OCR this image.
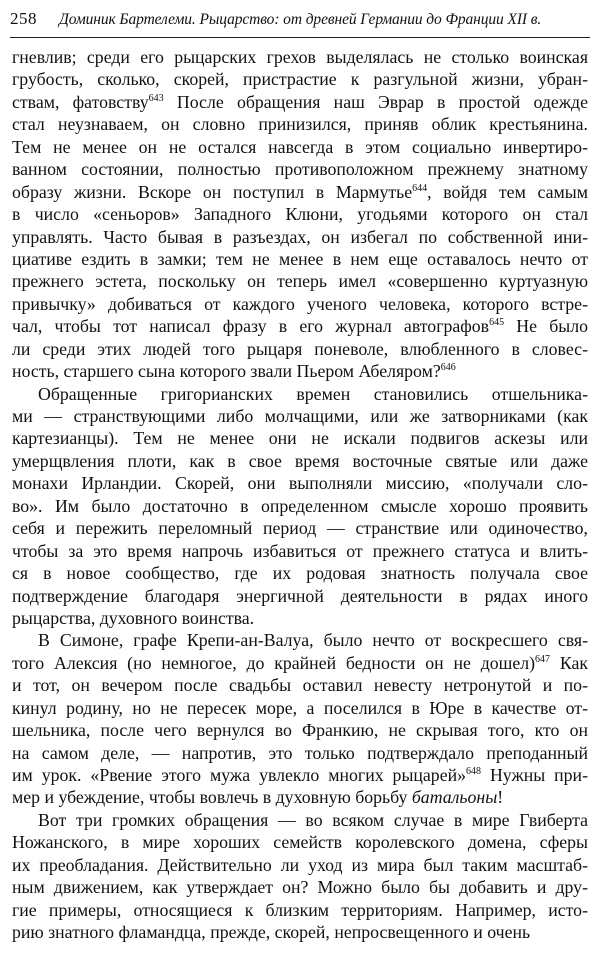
258 Доминик Бартелеми. Рыцарство: от древней Германии до Франции XII в.
гневлив; среди его рыцарских грехов выделялась не столько воинская
грубость, сколько, скорей, пристрастие к разгульной жизни, убран-
ствам, фатовству$^{643}$ После обращения наш Эврар в простой одежде
стал неузнаваем, он словно принизился, приняв облик крестьянина.
Тем не менее он не остался навсегда в этом социально инвертиро-
ванном состоянии, полностью противоположном прежнему знатному
образу жизни. Вскоре он поступил в Мармутье$^{644}$, войдя тем самым
в число «сеньоров» Западного Клюни, угодьями которого он стал
управлять. Часто бывая в разъездах, он избегал по собственной ини-
циативе ездить в замки; тем не менее в нем еще оставалось нечто от
прежнего эстета, поскольку он теперь имел «совершенно куртуазную
привычку» добиваться от каждого ученого человека, которого встре-
чал, чтобы тот написал фразу в его журнал автографов$^{645}$ Не было
ли среди этих людей того рыцаря поневоле, влюбленного в словес-
ность, старшего сына которого звали Пьером Абеляром?$^{646}$
Обращенные григорианских времен становились отшельника-
ми — странствующими либо молчащими, или же затворниками (как
картезианцы). Тем не менее они не искали подвигов аскезы или
умерщвления плоти, как в свое время восточные святые или даже
монахи Ирландии. Скорей, они выполняли миссию, «получали сло-
во». Им было достаточно в определенном смысле хорошо проявить
себя и пережить переломный период — странствие или одиночество,
чтобы за это время напрочь избавиться от прежнего статуса и влить-
ся в новое сообщество, где их родовая знатность получала свое
подтверждение благодаря энергичной деятельности в рядах иного
рыцарства, духовного воинства.
В Симоне, графе Крепи-ан-Валуа, было нечто от воскресшего свя-
того Алексия (но немногое, до крайней бедности он не дошел)$^{647}$ Как
и тот, он вечером после свадьбы оставил невесту нетронутой и по-
кинул родину, но не пересек море, а поселился в Юре в качестве от-
шельника, после чего вернулся во Франкию, не скрывая того, кто он
на самом деле, — напротив, это только подтверждало преподанный
им урок. «Рвение этого мужа увлекло многих рыцарей»$^{648}$ Нужны при-
мер и убеждение, чтобы вовлечь в духовную борьбу батальоны!
Вот три громких обращения — во всяком случае в мире Гвиберта
Ножанского, в мире хороших семейств королевского домена, сферы
их преобладания. Действительно ли уход из мира был таким масштаб-
ным движением, как утверждает он? Можно было бы добавить и дру-
гие примеры, относящиеся к близким территориям. Например, исто-
рию знатного фламандца, прежде, скорей, непросвещенного и очень
